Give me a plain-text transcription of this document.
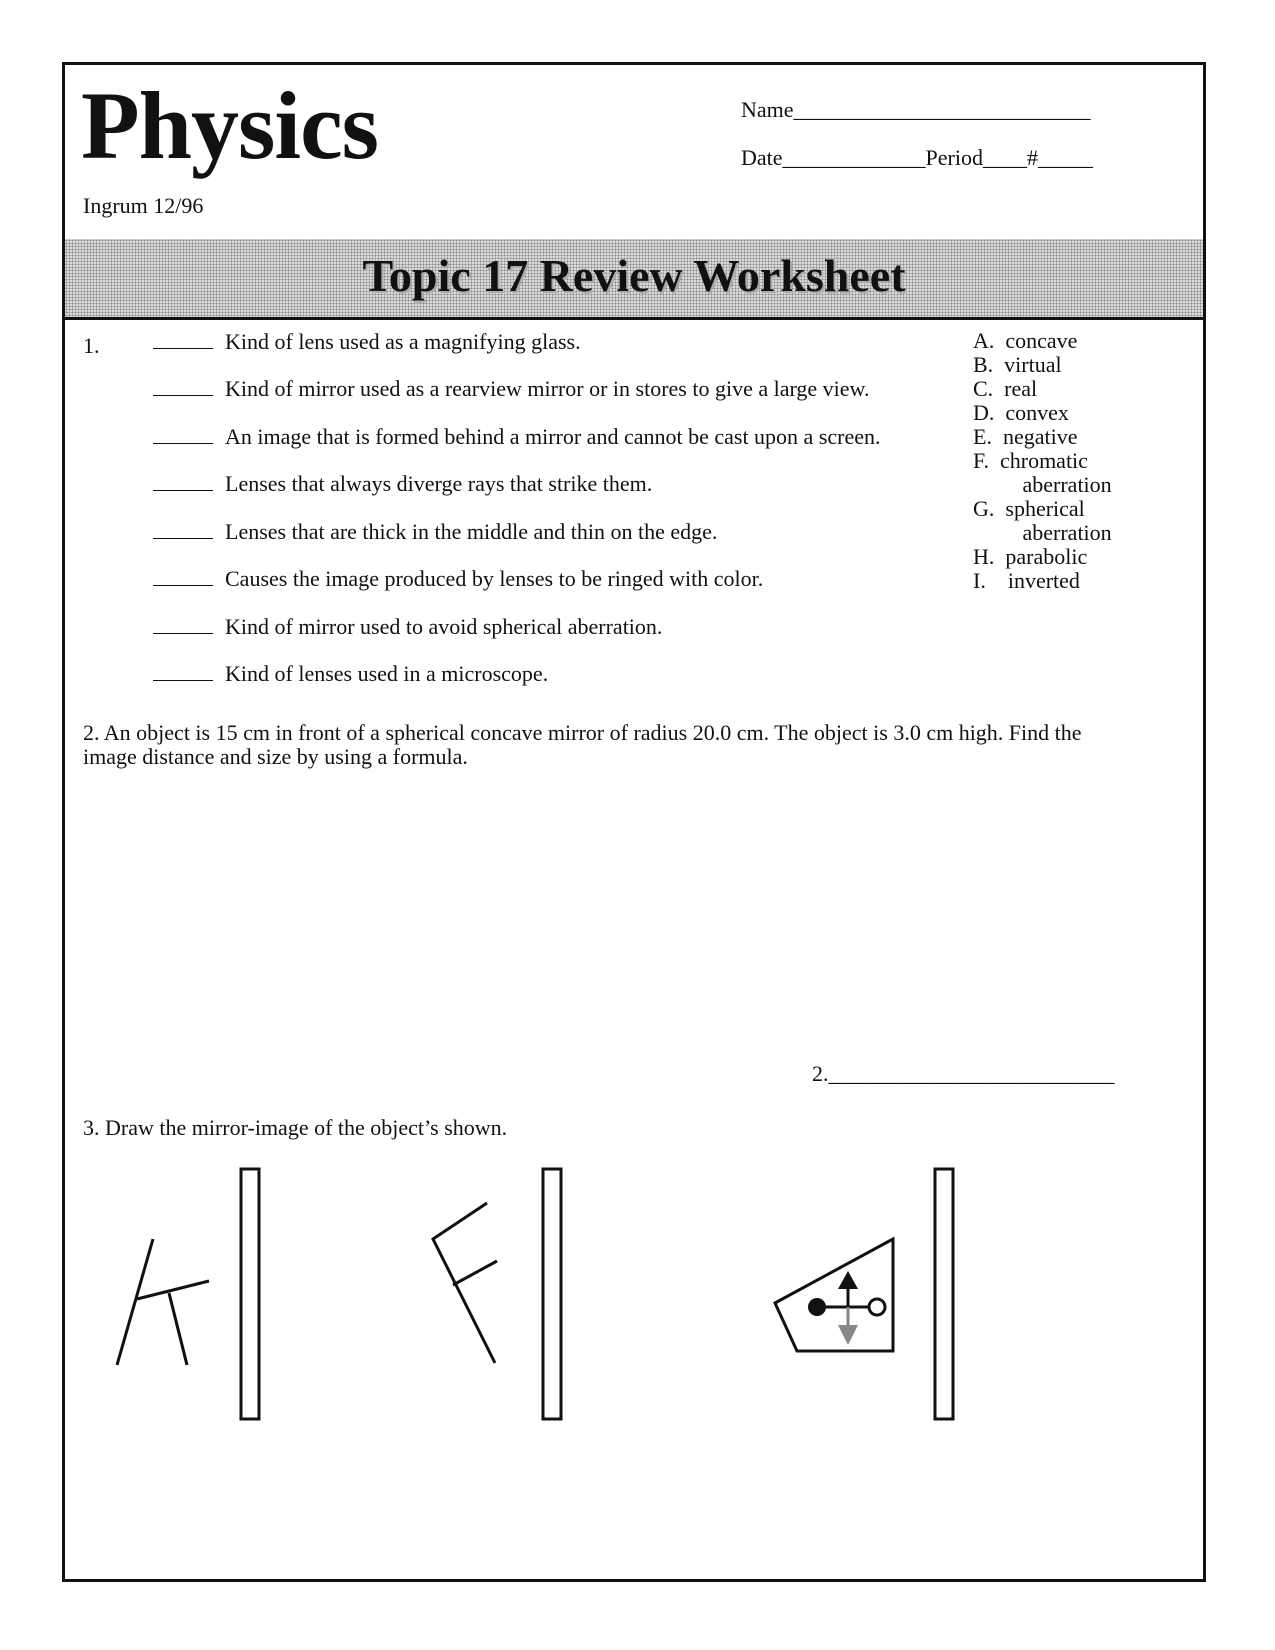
Physics
Ingrum 12/96
Name___________________________
Date_____________Period____#_____
Topic 17 Review Worksheet
1.	Kind of lens used as a magnifying glass.
Kind of mirror used as a rearview mirror or in stores to give a large view.
An image that is formed behind a mirror and cannot be cast upon a screen.
Lenses that always diverge rays that strike them.
Lenses that are thick in the middle and thin on the edge.
Causes the image produced by lenses to be ringed with color.
Kind of mirror used to avoid spherical aberration.
Kind of lenses used in a microscope.
A.  concave
B.  virtual
C.  real
D.  convex
E.  negative
F.  chromatic
aberration
G.  spherical
aberration
H.  parabolic
I.    inverted
2. An object is 15 cm in front of a spherical concave mirror of radius 20.0 cm. The object is 3.0 cm high. Find the image distance and size by using a formula.
2.__________________________
3. Draw the mirror-image of the object’s shown.
